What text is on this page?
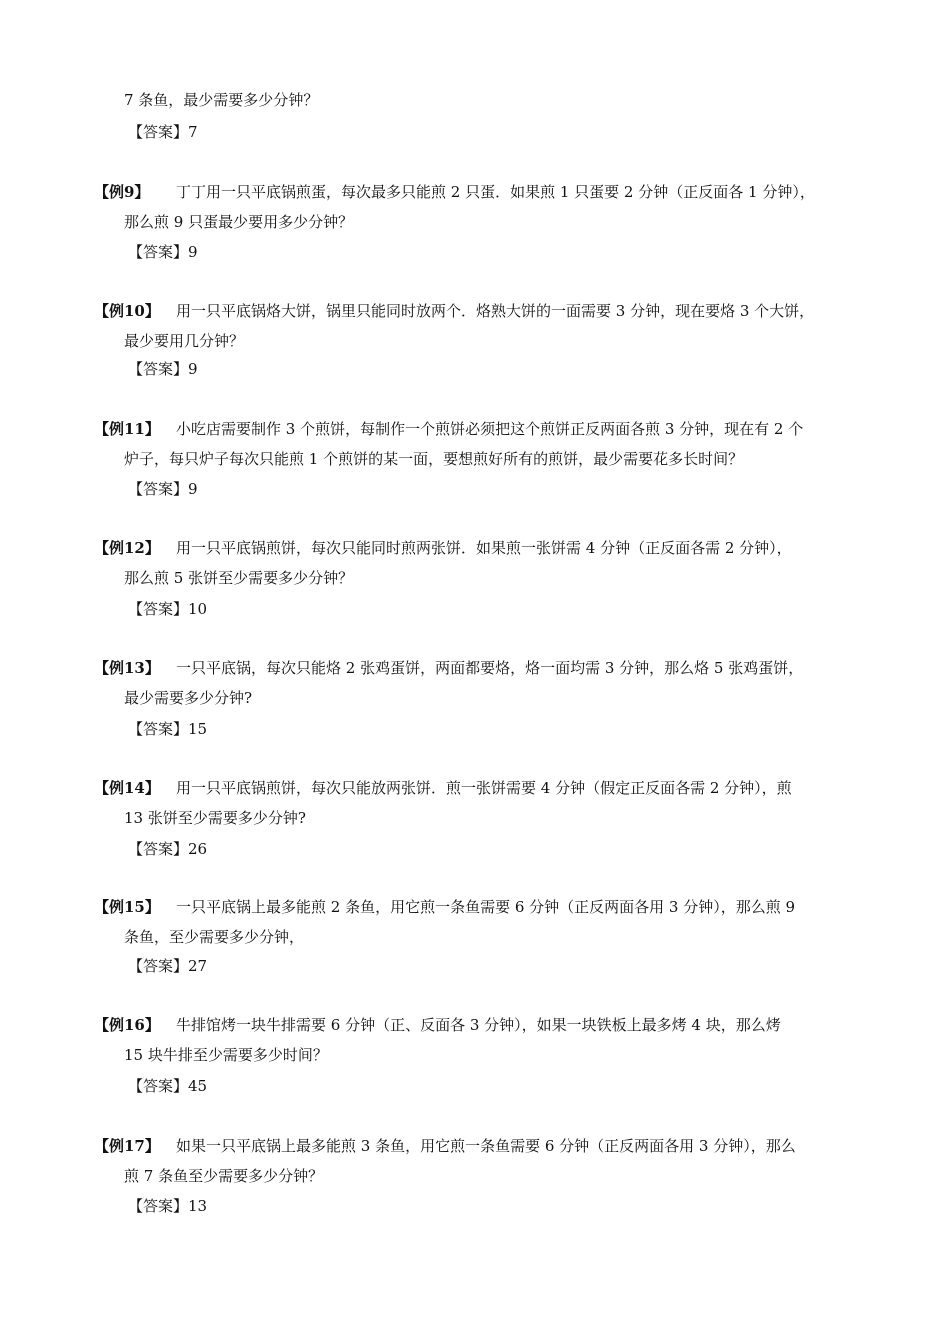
7 条鱼，最少需要多少分钟？
【答案】7
【例9】 丁丁用一只平底锅煎蛋，每次最多只能煎 2 只蛋．如果煎 1 只蛋要 2 分钟（正反面各 1 分钟），
那么煎 9 只蛋最少要用多少分钟？
【答案】9
【例10】 用一只平底锅烙大饼，锅里只能同时放两个．烙熟大饼的一面需要 3 分钟，现在要烙 3 个大饼，
最少要用几分钟？
【答案】9
【例11】 小吃店需要制作 3 个煎饼，每制作一个煎饼必须把这个煎饼正反两面各煎 3 分钟，现在有 2 个
炉子，每只炉子每次只能煎 1 个煎饼的某一面，要想煎好所有的煎饼，最少需要花多长时间？
【答案】9
【例12】 用一只平底锅煎饼，每次只能同时煎两张饼．如果煎一张饼需 4 分钟（正反面各需 2 分钟），
那么煎 5 张饼至少需要多少分钟？
【答案】10
【例13】 一只平底锅，每次只能烙 2 张鸡蛋饼，两面都要烙，烙一面均需 3 分钟，那么烙 5 张鸡蛋饼，
最少需要多少分钟?
【答案】15
【例14】 用一只平底锅煎饼，每次只能放两张饼．煎一张饼需要 4 分钟（假定正反面各需 2 分钟），煎
13 张饼至少需要多少分钟?
【答案】26
【例15】 一只平底锅上最多能煎 2 条鱼，用它煎一条鱼需要 6 分钟（正反两面各用 3 分钟），那么煎 9
条鱼，至少需要多少分钟，
【答案】27
【例16】 牛排馆烤一块牛排需要 6 分钟（正、反面各 3 分钟），如果一块铁板上最多烤 4 块，那么烤
15 块牛排至少需要多少时间？
【答案】45
【例17】 如果一只平底锅上最多能煎 3 条鱼，用它煎一条鱼需要 6 分钟（正反两面各用 3 分钟），那么
煎 7 条鱼至少需要多少分钟？
【答案】13
